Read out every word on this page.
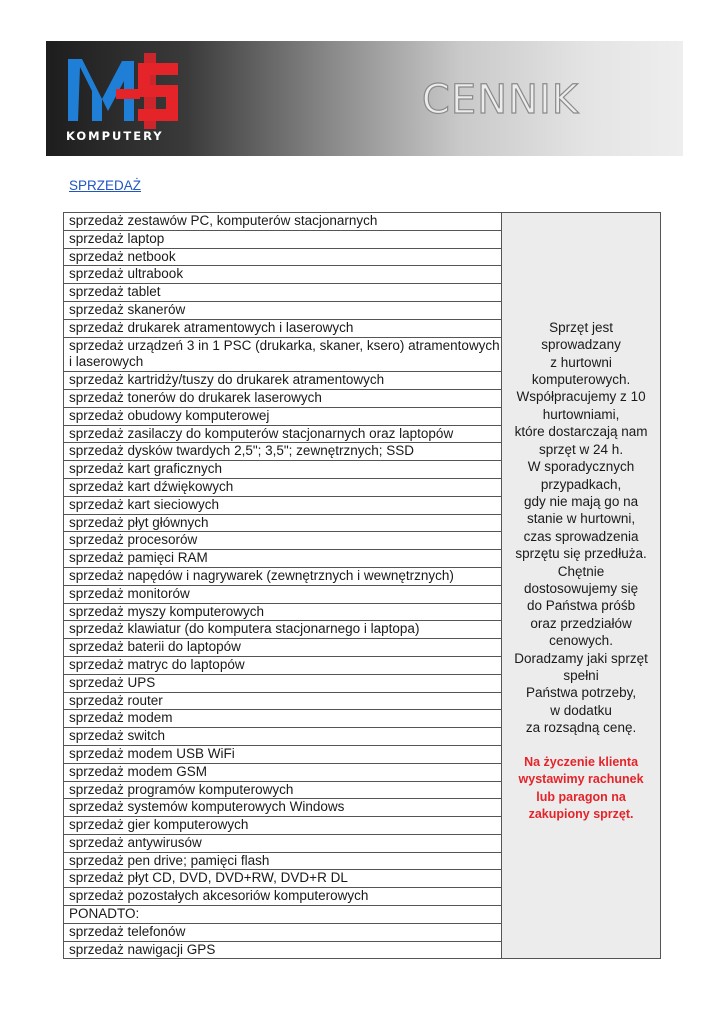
KOMPUTERY
CENNIK
SPRZEDAŻ
sprzedaż zestawów PC, komputerów stacjonarnych	
Sprzęt jest
sprowadzany
z hurtowni
komputerowych.
Współpracujemy z 10
hurtowniami,
które dostarczają nam
sprzęt w 24 h.
W sporadycznych
przypadkach,
gdy nie mają go na
stanie w hurtowni,
czas sprowadzenia
sprzętu się przedłuża.
Chętnie
dostosowujemy się
do Państwa próśb
oraz przedziałów
cenowych.
Doradzamy jaki sprzęt
spełni
Państwa potrzeby,
w dodatku
za rozsądną cenę.
Na życzenie klienta
wystawimy rachunek
lub paragon na
zakupiony sprzęt.

sprzedaż laptop
sprzedaż netbook
sprzedaż ultrabook
sprzedaż tablet
sprzedaż skanerów
sprzedaż drukarek atramentowych i laserowych
sprzedaż urządzeń 3 in 1 PSC (drukarka, skaner, ksero) atramentowych i laserowych
sprzedaż kartridży/tuszy do drukarek atramentowych
sprzedaż tonerów do drukarek laserowych
sprzedaż obudowy komputerowej
sprzedaż zasilaczy do komputerów stacjonarnych oraz laptopów
sprzedaż dysków twardych 2,5"; 3,5"; zewnętrznych; SSD
sprzedaż kart graficznych
sprzedaż kart dźwiękowych
sprzedaż kart sieciowych
sprzedaż płyt głównych
sprzedaż procesorów
sprzedaż pamięci RAM
sprzedaż napędów i nagrywarek (zewnętrznych i wewnętrznych)
sprzedaż monitorów
sprzedaż myszy komputerowych
sprzedaż klawiatur (do komputera stacjonarnego i laptopa)
sprzedaż baterii do laptopów
sprzedaż matryc do laptopów
sprzedaż UPS
sprzedaż router
sprzedaż modem
sprzedaż switch
sprzedaż modem USB WiFi
sprzedaż modem GSM
sprzedaż programów komputerowych
sprzedaż systemów komputerowych Windows
sprzedaż gier komputerowych
sprzedaż antywirusów
sprzedaż pen drive; pamięci flash
sprzedaż płyt CD, DVD, DVD+RW, DVD+R DL
sprzedaż pozostałych akcesoriów komputerowych
PONADTO:
sprzedaż telefonów
sprzedaż nawigacji GPS
